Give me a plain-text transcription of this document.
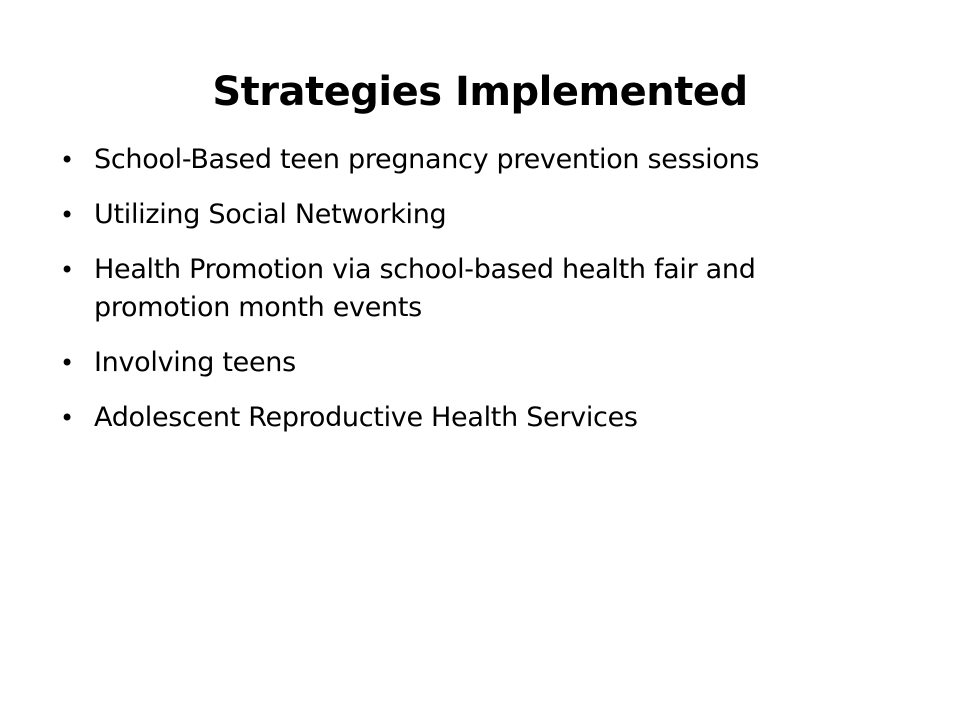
Strategies Implemented
• School-Based teen pregnancy prevention sessions
• Utilizing Social Networking
• Health Promotion via school-based health fair and promotion month events
• Involving teens
• Adolescent Reproductive Health Services
